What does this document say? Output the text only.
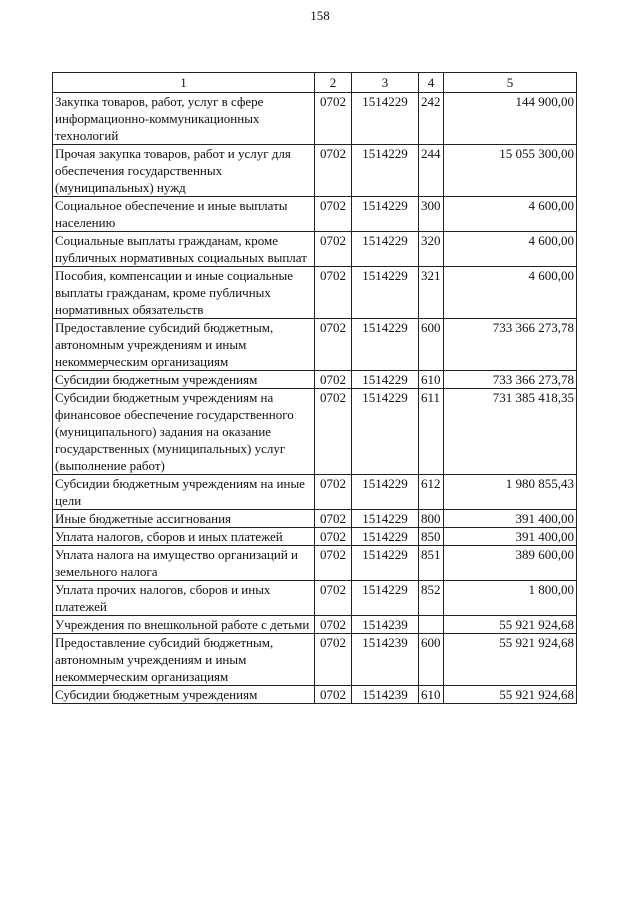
158
1	2	3	4	5
Закупка товаров, работ, услуг в сфере информационно-коммуникационных технологий	0702	1514229	242	144 900,00
Прочая закупка товаров, работ и услуг для обеспечения государственных (муниципальных) нужд	0702	1514229	244	15 055 300,00
Социальное обеспечение и иные выплаты населению	0702	1514229	300	4 600,00
Социальные выплаты гражданам, кроме публичных нормативных социальных выплат	0702	1514229	320	4 600,00
Пособия, компенсации и иные социальные выплаты гражданам, кроме публичных нормативных обязательств	0702	1514229	321	4 600,00
Предоставление субсидий бюджетным, автономным учреждениям и иным некоммерческим организациям	0702	1514229	600	733 366 273,78
Субсидии бюджетным учреждениям	0702	1514229	610	733 366 273,78
Субсидии бюджетным учреждениям на финансовое обеспечение государственного (муниципального) задания на оказание государственных (муниципальных) услуг (выполнение работ)	0702	1514229	611	731 385 418,35
Субсидии бюджетным учреждениям на иные цели	0702	1514229	612	1 980 855,43
Иные бюджетные ассигнования	0702	1514229	800	391 400,00
Уплата налогов, сборов и иных платежей	0702	1514229	850	391 400,00
Уплата налога на имущество организаций и земельного налога	0702	1514229	851	389 600,00
Уплата прочих налогов, сборов и иных платежей	0702	1514229	852	1 800,00
Учреждения по внешкольной работе с детьми	0702	1514239		55 921 924,68
Предоставление субсидий бюджетным, автономным учреждениям и иным некоммерческим организациям	0702	1514239	600	55 921 924,68
Субсидии бюджетным учреждениям	0702	1514239	610	55 921 924,68
